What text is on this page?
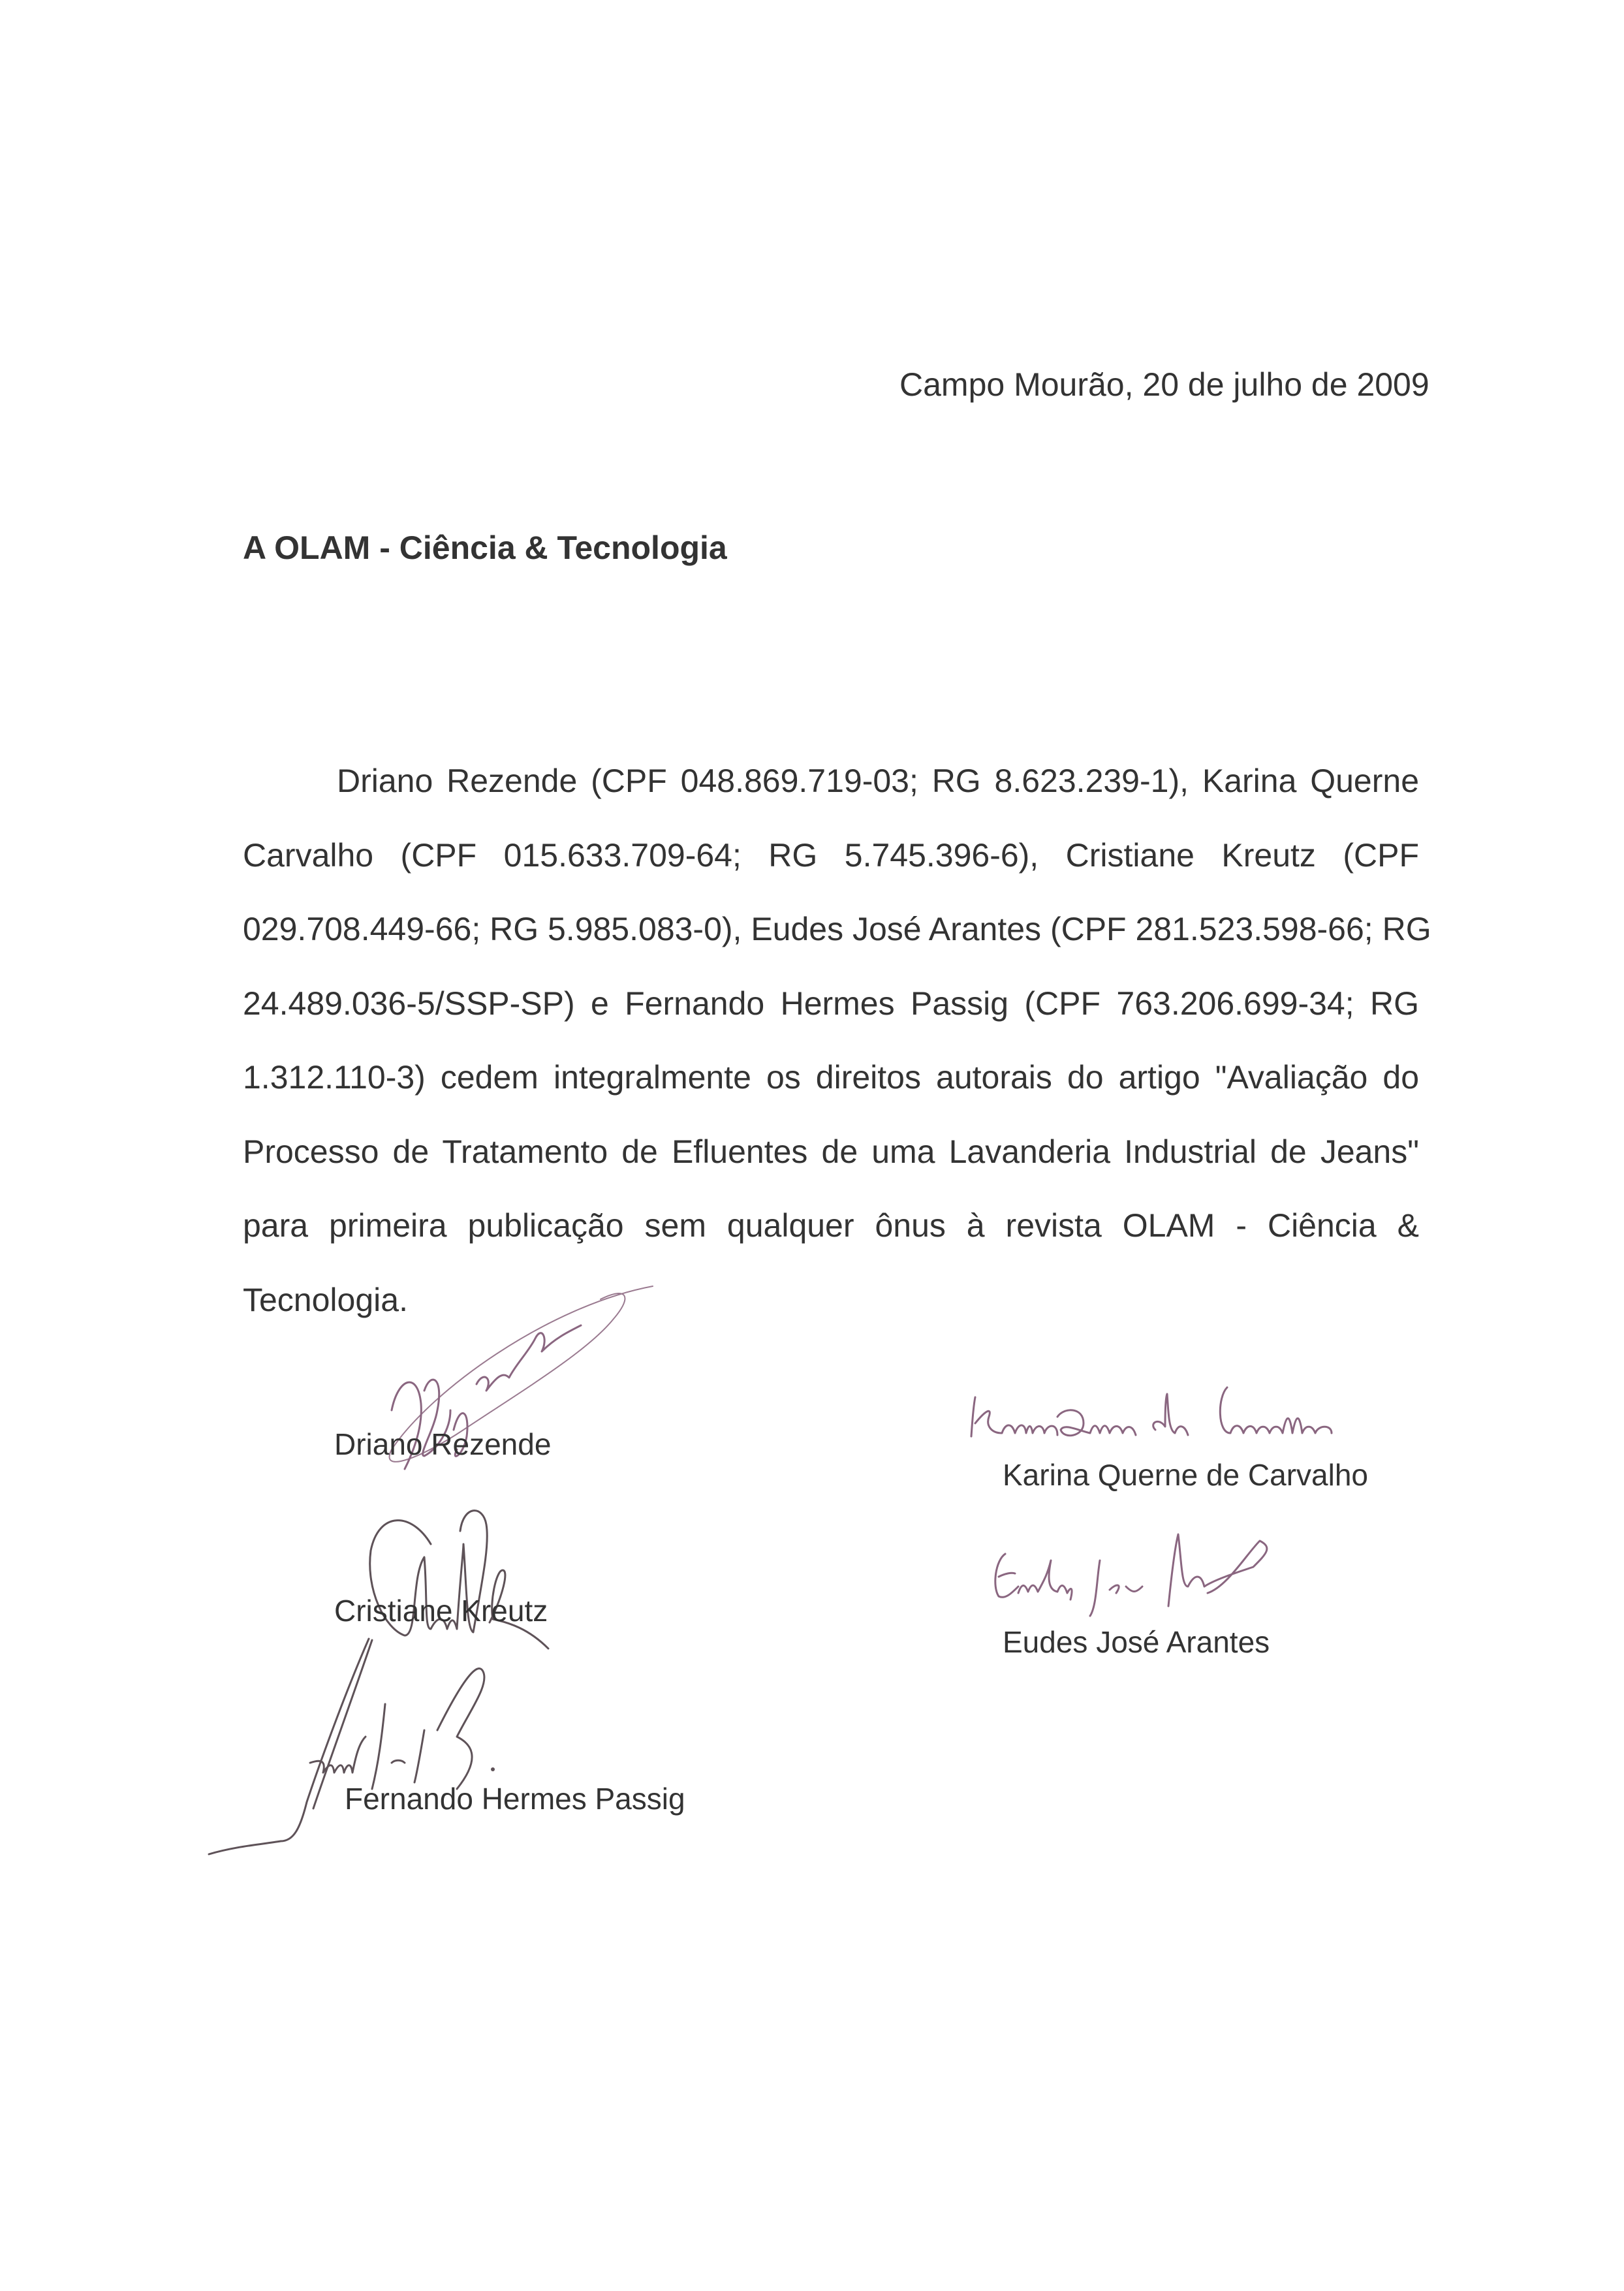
Campo Mourão, 20 de julho de 2009
A OLAM - Ciência & Tecnologia
Driano Rezende (CPF 048.869.719-03; RG 8.623.239-1), Karina Querne
Carvalho (CPF 015.633.709-64; RG 5.745.396-6), Cristiane Kreutz (CPF
029.708.449-66; RG 5.985.083-0), Eudes José Arantes (CPF 281.523.598-66; RG
24.489.036-5/SSP-SP) e Fernando Hermes Passig (CPF 763.206.699-34; RG
1.312.110-3) cedem integralmente os direitos autorais do artigo "Avaliação do
Processo de Tratamento de Efluentes de uma Lavanderia Industrial de Jeans"
para primeira publicação sem qualquer ônus à revista OLAM - Ciência &
Tecnologia.
Driano Rezende
Karina Querne de Carvalho
Cristiane Kreutz
Eudes José Arantes
Fernando Hermes Passig
